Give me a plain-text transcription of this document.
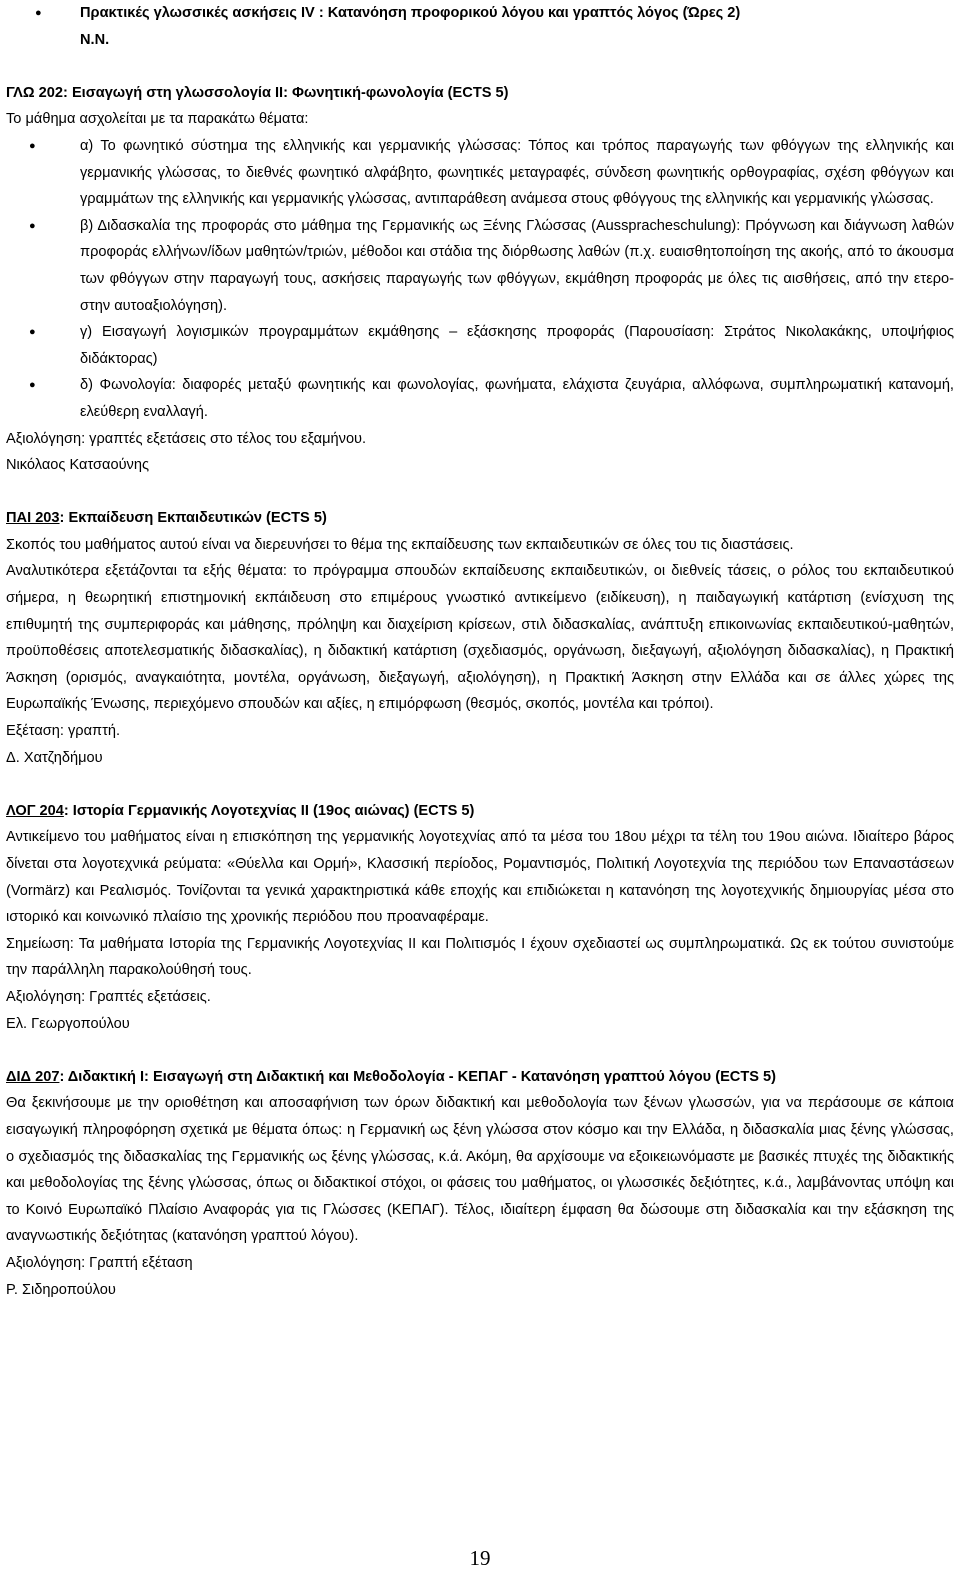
● Πρακτικές γλωσσικές ασκήσεις IV : Κατανόηση προφορικού λόγου και γραπτός λόγος (Ώρες 2)
N.N.

ΓΛΩ 202: Εισαγωγή στη γλωσσολογία ΙΙ: Φωνητική-φωνολογία (ECTS 5)

Το μάθημα ασχολείται με τα παρακάτω θέματα:

● α) Το φωνητικό σύστημα της ελληνικής και γερμανικής γλώσσας: Τόπος και τρόπος παραγωγής των φθόγγων της ελληνικής και γερμανικής γλώσσας, το διεθνές φωνητικό αλφάβητο, φωνητικές μεταγραφές, σύνδεση φωνητικής ορθογραφίας, σχέση φθόγγων και γραμμάτων της ελληνικής και γερμανικής γλώσσας, αντιπαράθεση ανάμεσα στους φθόγγους της ελληνικής και γερμανικής γλώσσας.
● β) Διδασκαλία της προφοράς στο μάθημα της Γερμανικής ως Ξένης Γλώσσας (Ausspracheschulung): Πρόγνωση και διάγνωση λαθών προφοράς ελλήνων/ίδων μαθητών/τριών, μέθοδοι και στάδια της διόρθωσης λαθών (π.χ. ευαισθητοποίηση της ακοής, από το άκουσμα των φθόγγων στην παραγωγή τους, ασκήσεις παραγωγής των φθόγγων, εκμάθηση προφοράς με όλες τις αισθήσεις, από την ετερο- στην αυτοαξιολόγηση).
● γ) Εισαγωγή λογισμικών προγραμμάτων εκμάθησης – εξάσκησης προφοράς (Παρουσίαση: Στράτος Νικολακάκης, υποψήφιος διδάκτορας)
● δ) Φωνολογία: διαφορές μεταξύ φωνητικής και φωνολογίας, φωνήματα, ελάχιστα ζευγάρια, αλλόφωνα, συμπληρωματική κατανομή, ελεύθερη εναλλαγή.

Αξιολόγηση: γραπτές εξετάσεις στο τέλος του εξαμήνου.

Νικόλαος Κατσαούνης

ΠΑΙ 203: Εκπαίδευση Εκπαιδευτικών (ECTS 5)

Σκοπός του μαθήματος αυτού είναι να διερευνήσει το θέμα της εκπαίδευσης των εκπαιδευτικών σε όλες του τις διαστάσεις.

Αναλυτικότερα εξετάζονται τα εξής θέματα: το πρόγραμμα σπουδών εκπαίδευσης εκπαιδευτικών, οι διεθνείς τάσεις, ο ρόλος του εκπαιδευτικού σήμερα, η θεωρητική επιστημονική εκπάιδευση στο επιμέρους γνωστικό αντικείμενο (ειδίκευση), η παιδαγωγική κατάρτιση (ενίσχυση της επιθυμητή της συμπεριφοράς και μάθησης, πρόληψη και διαχείριση κρίσεων, στιλ διδασκαλίας, ανάπτυξη επικοινωνίας εκπαιδευτικού-μαθητών, προϋποθέσεις αποτελεσματικής διδασκαλίας), η διδακτική κατάρτιση (σχεδιασμός, οργάνωση, διεξαγωγή, αξιολόγηση διδασκαλίας), η Πρακτική Άσκηση (ορισμός, αναγκαιότητα, μοντέλα, οργάνωση, διεξαγωγή, αξιολόγηση), η Πρακτική Άσκηση στην Ελλάδα και σε άλλες χώρες της Ευρωπαϊκής Ένωσης, περιεχόμενο σπουδών και αξίες, η επιμόρφωση (θεσμός, σκοπός, μοντέλα και τρόποι).

Εξέταση: γραπτή.

Δ. Χατζηδήμου

ΛΟΓ 204: Ιστορία Γερμανικής Λογοτεχνίας ΙΙ (19ος αιώνας) (ECTS 5)

Αντικείμενο του μαθήματος είναι η επισκόπηση της γερμανικής λογοτεχνίας από τα μέσα του 18ου μέχρι τα τέλη του 19ου αιώνα. Ιδιαίτερο βάρος δίνεται στα λογοτεχνικά ρεύματα: «Θύελλα και Ορμή», Κλασσική περίοδος, Ρομαντισμός, Πολιτική Λογοτεχνία της περιόδου των Επαναστάσεων (Vormärz) και Ρεαλισμός. Τονίζονται τα γενικά χαρακτηριστικά κάθε εποχής και επιδιώκεται η κατανόηση της λογοτεχνικής δημιουργίας μέσα στο ιστορικό και κοινωνικό πλαίσιο της χρονικής περιόδου που προαναφέραμε.

Σημείωση: Τα μαθήματα Ιστορία της Γερμανικής Λογοτεχνίας ΙΙ και Πολιτισμός Ι έχουν σχεδιαστεί ως συμπληρωματικά. Ως εκ τούτου συνιστούμε την παράλληλη παρακολούθησή τους.

Αξιολόγηση: Γραπτές εξετάσεις.

Ελ. Γεωργοπούλου

ΔΙΔ 207: Διδακτική Ι: Εισαγωγή στη Διδακτική και Μεθοδολογία - ΚΕΠΑΓ - Κατανόηση γραπτού λόγου (ECTS 5)

Θα ξεκινήσουμε με την οριοθέτηση και αποσαφήνιση των όρων διδακτική και μεθοδολογία των ξένων γλωσσών, για να περάσουμε σε κάποια εισαγωγική πληροφόρηση σχετικά με θέματα όπως: η Γερμανική ως ξένη γλώσσα στον κόσμο και την Ελλάδα, η διδασκαλία μιας ξένης γλώσσας, ο σχεδιασμός της διδασκαλίας της Γερμανικής ως ξένης γλώσσας, κ.ά. Ακόμη, θα αρχίσουμε να εξοικειωνόμαστε με βασικές πτυχές της διδακτικής και μεθοδολογίας της ξένης γλώσσας, όπως οι διδακτικοί στόχοι, οι φάσεις του μαθήματος, οι γλωσσικές δεξιότητες, κ.ά., λαμβάνοντας υπόψη και το Κοινό Ευρωπαϊκό Πλαίσιο Αναφοράς για τις Γλώσσες (ΚΕΠΑΓ). Τέλος, ιδιαίτερη έμφαση θα δώσουμε στη διδασκαλία και την εξάσκηση της αναγνωστικής δεξιότητας (κατανόηση γραπτού λόγου).

Αξιολόγηση: Γραπτή εξέταση

Ρ. Σιδηροπούλου

19
